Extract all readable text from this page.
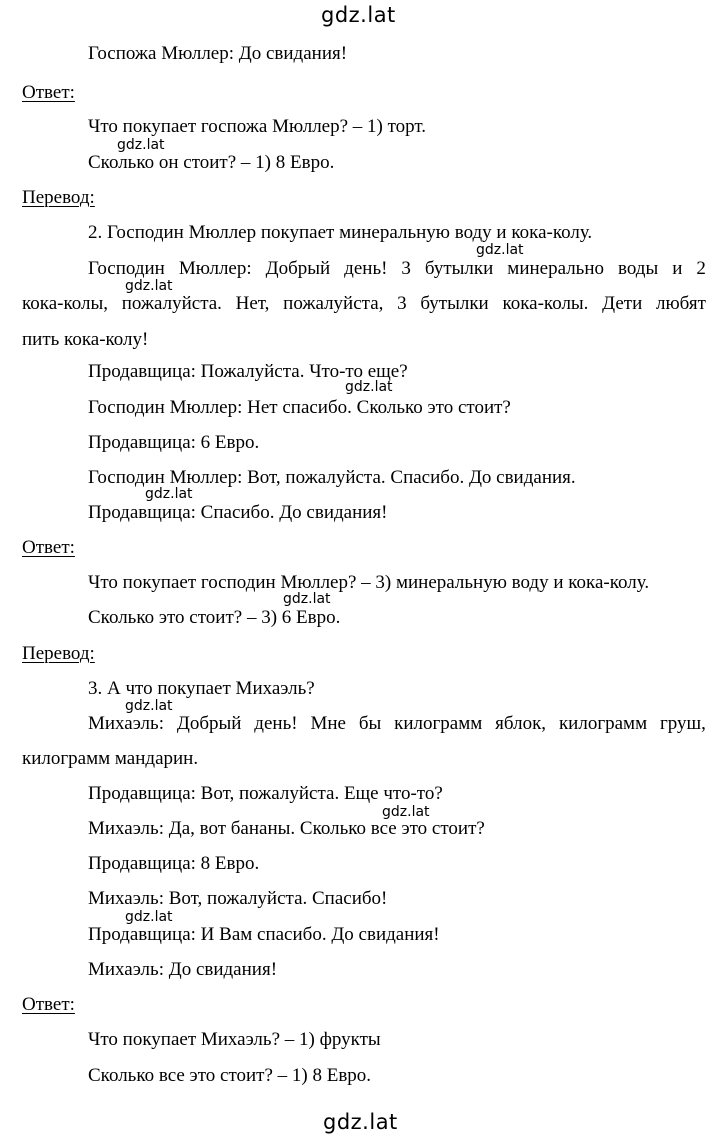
gdz.lat
Госпожа Мюллер: До свидания!
Ответ:
Что покупает госпожа Мюллер? – 1) торт.
gdz.lat
Сколько он стоит? – 1) 8 Евро.
Перевод:
2. Господин Мюллер покупает минеральную воду и кока-колу.
gdz.lat
Господин Мюллер: Добрый день! 3 бутылки минерально воды и 2
gdz.lat
кока-колы, пожалуйста. Нет, пожалуйста, 3 бутылки кока-колы. Дети любят
пить кока-колу!
Продавщица: Пожалуйста. Что-то еще?
gdz.lat
Господин Мюллер: Нет спасибо. Сколько это стоит?
Продавщица: 6 Евро.
Господин Мюллер: Вот, пожалуйста. Спасибо. До свидания.
gdz.lat
Продавщица: Спасибо. До свидания!
Ответ:
Что покупает господин Мюллер? – 3) минеральную воду и кока-колу.
gdz.lat
Сколько это стоит? – 3) 6 Евро.
Перевод:
3. А что покупает Михаэль?
gdz.lat
Михаэль: Добрый день! Мне бы килограмм яблок, килограмм груш,
килограмм мандарин.
Продавщица: Вот, пожалуйста. Еще что-то?
gdz.lat
Михаэль: Да, вот бананы. Сколько все это стоит?
Продавщица: 8 Евро.
Михаэль: Вот, пожалуйста. Спасибо!
gdz.lat
Продавщица: И Вам спасибо. До свидания!
Михаэль: До свидания!
Ответ:
Что покупает Михаэль? – 1) фрукты
Сколько все это стоит? – 1) 8 Евро.
gdz.lat
